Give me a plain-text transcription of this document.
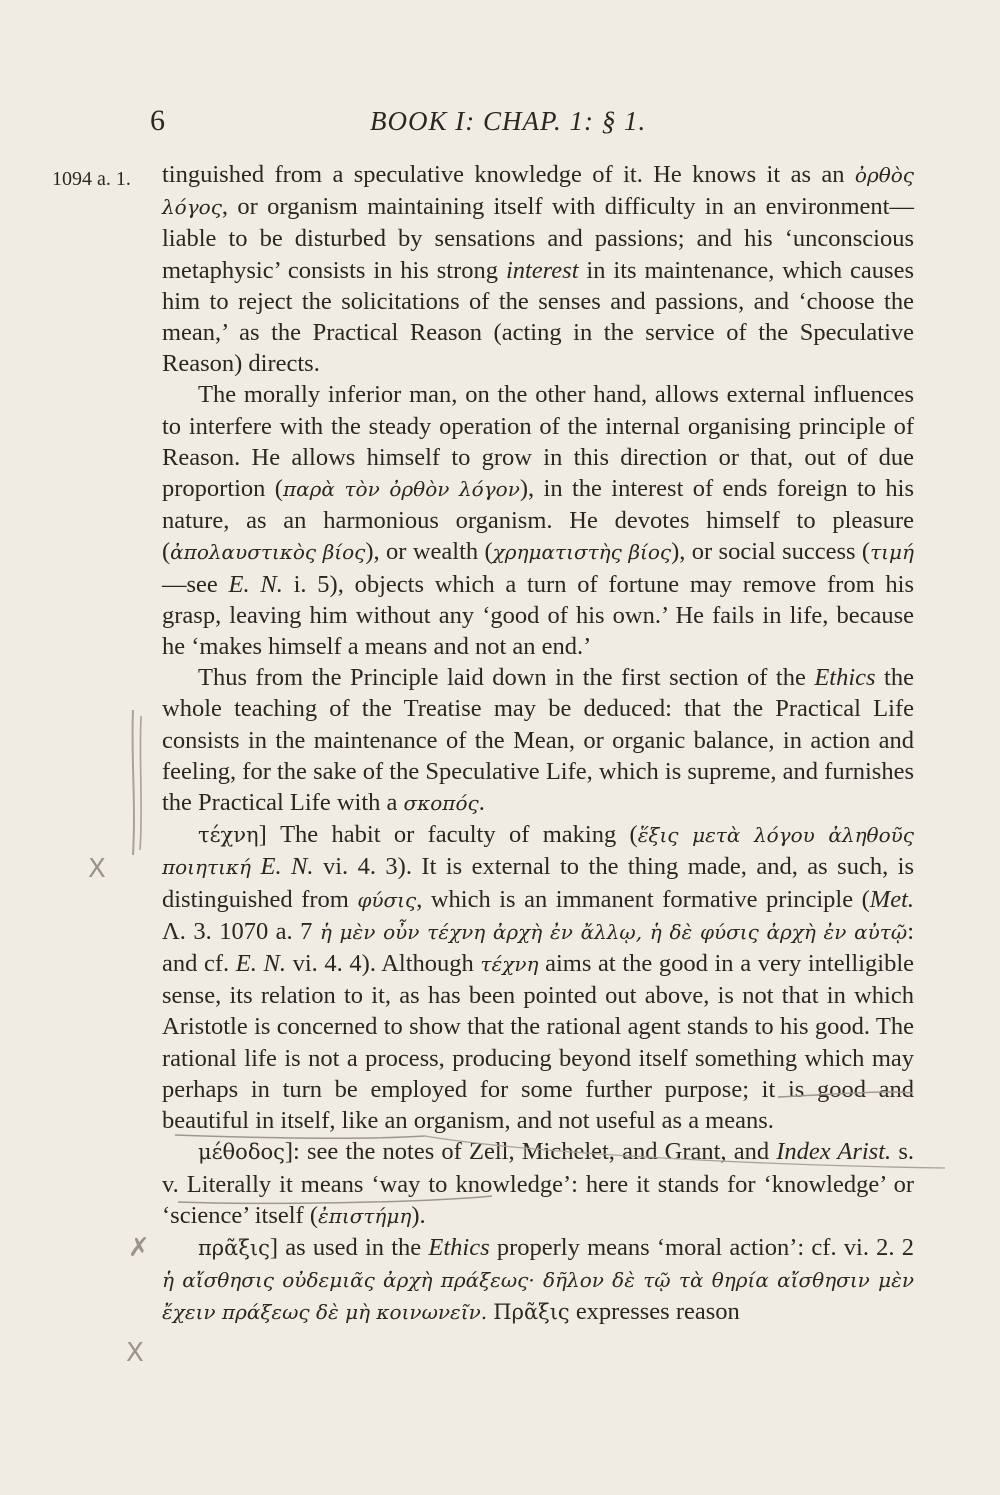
6	BOOK I: CHAP. 1: § 1.
1094 a. 1. tinguished from a speculative knowledge of it. He knows it as an ὀρθὸς λόγος, or organism maintaining itself with difficulty in an environment—liable to be disturbed by sensations and passions; and his ‘unconscious metaphysic’ consists in his strong interest in its maintenance, which causes him to reject the solicitations of the senses and passions, and ‘choose the mean,’ as the Practical Reason (acting in the service of the Speculative Reason) directs.

The morally inferior man, on the other hand, allows external influences to interfere with the steady operation of the internal organising principle of Reason. He allows himself to grow in this direction or that, out of due proportion (παρὰ τὸν ὀρθὸν λόγον), in the interest of ends foreign to his nature, as an harmonious organism. He devotes himself to pleasure (ἀπολαυστικὸς βίος), or wealth (χρηματιστὴς βίος), or social success (τιμή—see E. N. i. 5), objects which a turn of fortune may remove from his grasp, leaving him without any ‘good of his own.’ He fails in life, because he ‘makes himself a means and not an end.’

Thus from the Principle laid down in the first section of the Ethics the whole teaching of the Treatise may be deduced: that the Practical Life consists in the maintenance of the Mean, or organic balance, in action and feeling, for the sake of the Speculative Life, which is supreme, and furnishes the Practical Life with a σκοπός.

τέχνη] The habit or faculty of making (ἕξις μετὰ λόγου ἀληθοῦς ποιητική E. N. vi. 4. 3). It is external to the thing made, and, as such, is distinguished from φύσις, which is an immanent formative principle (Met. Λ. 3. 1070 a. 7 ἡ μὲν οὖν τέχνη ἀρχὴ ἐν ἄλλῳ, ἡ δὲ φύσις ἀρχὴ ἐν αὐτῷ: and cf. E. N. vi. 4. 4). Although τέχνη aims at the good in a very intelligible sense, its relation to it, as has been pointed out above, is not that in which Aristotle is concerned to show that the rational agent stands to his good. The rational life is not a process, producing beyond itself something which may perhaps in turn be employed for some further purpose; it is good and beautiful in itself, like an organism, and not useful as a means.

μέθοδος]: see the notes of Zell, Michelet, and Grant, and Index Arist. s. v. Literally it means ‘way to knowledge’: here it stands for ‘knowledge’ or ‘science’ itself (ἐπιστήμη).

πρᾶξις] as used in the Ethics properly means ‘moral action’: cf. vi. 2. 2 ἡ αἴσθησις οὐδεμιᾶς ἀρχὴ πράξεως· δῆλον δὲ τῷ τὰ θηρία αἴσθησιν μὲν ἔχειν πράξεως δὲ μὴ κοινωνεῖν. Πρᾶξις expresses reason

X
✗
X
